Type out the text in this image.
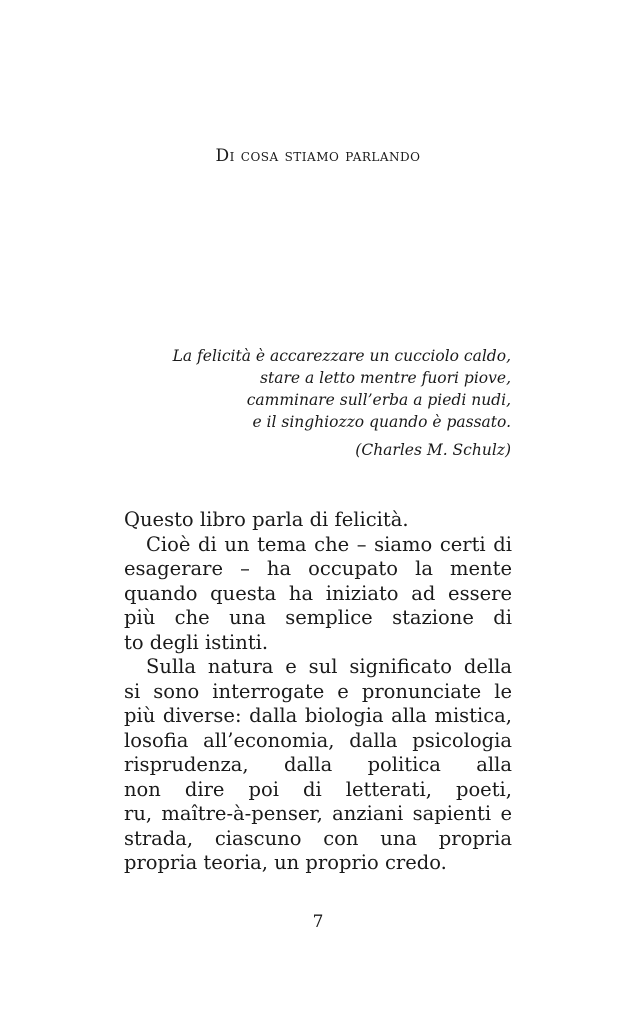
Di cosa stiamo parlando
La felicità è accarezzare un cucciolo caldo,
stare a letto mentre fuori piove,
camminare sull’erba a piedi nudi,
e il singhiozzo quando è passato.
(Charles M. Schulz)
Questo libro parla di felicità.
Cioè di un tema che – siamo certi di
esagerare – ha occupato la mente
quando questa ha iniziato ad essere
più che una semplice stazione di
to degli istinti.
Sulla natura e sul significato della
si sono interrogate e pronunciate le
più diverse: dalla biologia alla mistica,
losofia all’economia, dalla psicologia
risprudenza, dalla politica alla
non dire poi di letterati, poeti,
ru, maître-à-penser, anziani sapienti e
strada, ciascuno con una propria
propria teoria, un proprio credo.
7
